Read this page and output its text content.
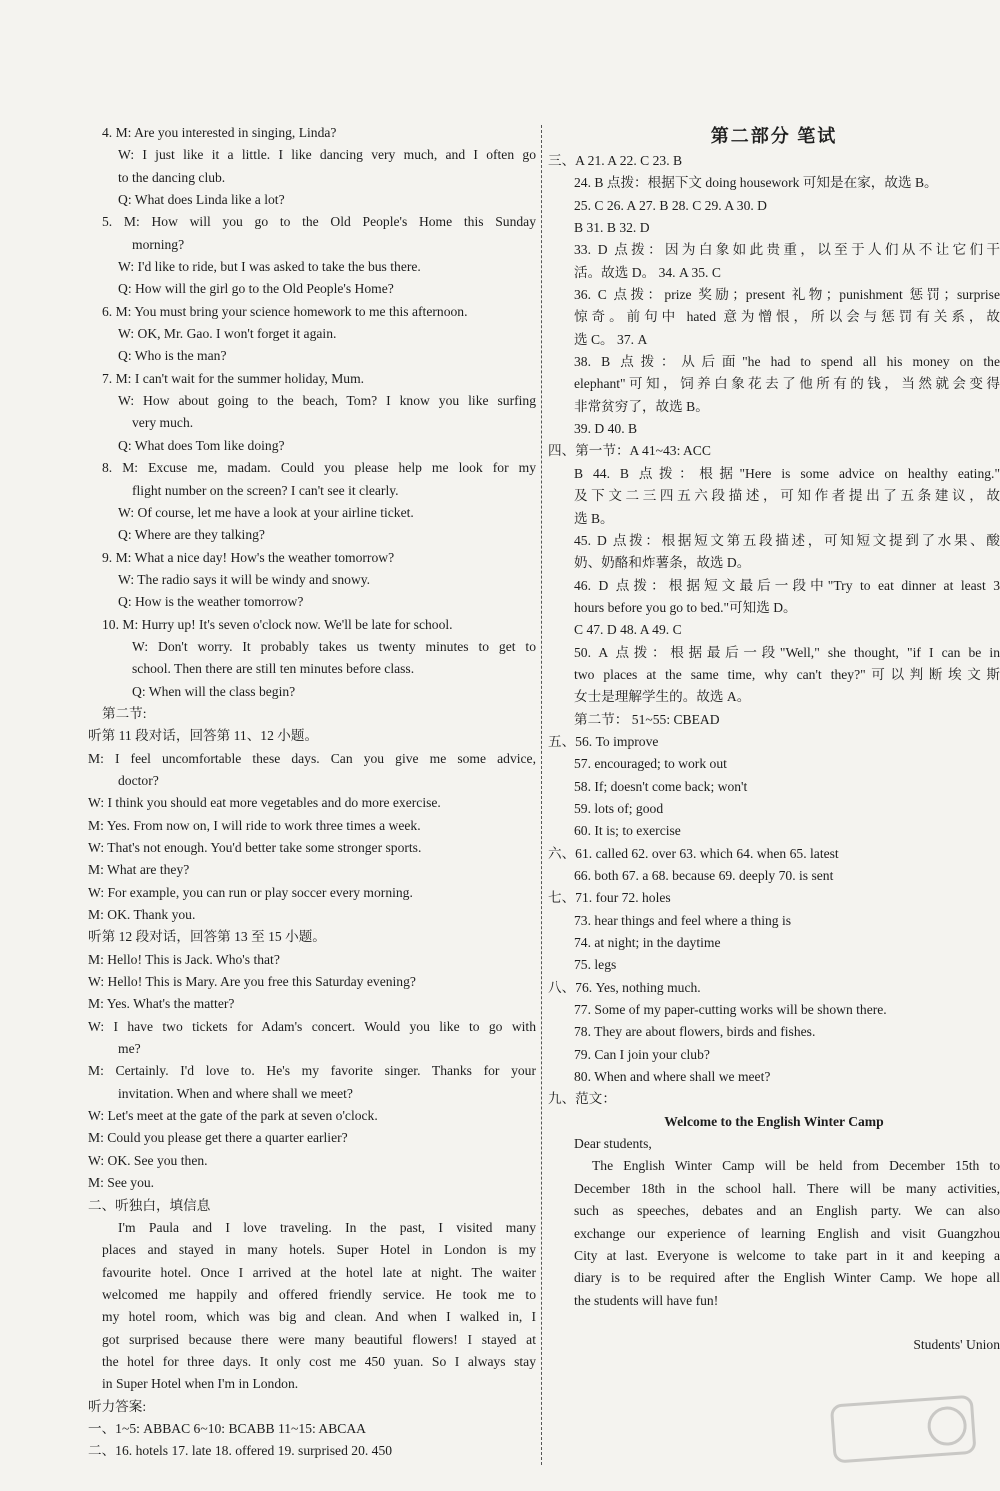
4. M: Are you interested in singing, Linda?
W: I just like it a little. I like dancing very much, and I often go
to the dancing club.
Q: What does Linda like a lot?
5. M: How will you go to the Old People's Home this Sunday
morning?
W: I'd like to ride, but I was asked to take the bus there.
Q: How will the girl go to the Old People's Home?
6. M: You must bring your science homework to me this afternoon.
W: OK, Mr. Gao. I won't forget it again.
Q: Who is the man?
7. M: I can't wait for the summer holiday, Mum.
W: How about going to the beach, Tom? I know you like surfing
very much.
Q: What does Tom like doing?
8. M: Excuse me, madam. Could you please help me look for my
flight number on the screen? I can't see it clearly.
W: Of course, let me have a look at your airline ticket.
Q: Where are they talking?
9. M: What a nice day! How's the weather tomorrow?
W: The radio says it will be windy and snowy.
Q: How is the weather tomorrow?
10. M: Hurry up! It's seven o'clock now. We'll be late for school.
W: Don't worry. It probably takes us twenty minutes to get to
school. Then there are still ten minutes before class.
Q: When will the class begin?
第二节:
听第 11 段对话，回答第 11、12 小题。
M: I feel uncomfortable these days. Can you give me some advice,
doctor?
W: I think you should eat more vegetables and do more exercise.
M: Yes. From now on, I will ride to work three times a week.
W: That's not enough. You'd better take some stronger sports.
M: What are they?
W: For example, you can run or play soccer every morning.
M: OK. Thank you.
听第 12 段对话，回答第 13 至 15 小题。
M: Hello! This is Jack. Who's that?
W: Hello! This is Mary. Are you free this Saturday evening?
M: Yes. What's the matter?
W: I have two tickets for Adam's concert. Would you like to go with
me?
M: Certainly. I'd love to. He's my favorite singer. Thanks for your
invitation. When and where shall we meet?
W: Let's meet at the gate of the park at seven o'clock.
M: Could you please get there a quarter earlier?
W: OK. See you then.
M: See you.
二、听独白，填信息
I'm Paula and I love traveling. In the past, I visited many
places and stayed in many hotels. Super Hotel in London is my
favourite hotel. Once I arrived at the hotel late at night. The waiter
welcomed me happily and offered friendly service. He took me to
my hotel room, which was big and clean. And when I walked in, I
got surprised because there were many beautiful flowers! I stayed at
the hotel for three days. It only cost me 450 yuan. So I always stay
in Super Hotel when I'm in London.
听力答案:
一、1~5: ABBAC 6~10: BCABB 11~15: ABCAA
二、16. hotels 17. late 18. offered 19. surprised 20. 450
第二部分 笔试
三、A 21. A 22. C 23. B
24. B 点拨：根据下文 doing housework 可知是在家，故选 B。
25. C 26. A 27. B 28. C 29. A 30. D
B 31. B 32. D
33. D 点拨：因为白象如此贵重，以至于人们从不让它们干
活。故选 D。 34. A 35. C
36. C 点拨：prize 奖励；present 礼物；punishment 惩罚；surprise
惊奇。前句中 hated 意为憎恨，所以会与惩罚有关系，故
选 C。 37. A
38. B 点拨：从后面"he had to spend all his money on the
elephant"可知，饲养白象花去了他所有的钱，当然就会变得
非常贫穷了，故选 B。
39. D 40. B
四、第一节：A 41~43: ACC
B 44. B 点拨：根据"Here is some advice on healthy eating."
及下文二三四五六段描述，可知作者提出了五条建议，故
选 B。
45. D 点拨：根据短文第五段描述，可知短文提到了水果、酸
奶、奶酪和炸薯条，故选 D。
46. D 点拨：根据短文最后一段中"Try to eat dinner at least 3
hours before you go to bed."可知选 D。
C 47. D 48. A 49. C
50. A 点拨：根据最后一段"Well," she thought, "if I can be in
two places at the same time, why can't they?"可以判断埃文斯
女士是理解学生的。故选 A。
第二节： 51~55: CBEAD
五、56. To improve
57. encouraged; to work out
58. If; doesn't come back; won't
59. lots of; good
60. It is; to exercise
六、61. called 62. over 63. which 64. when 65. latest
66. both 67. a 68. because 69. deeply 70. is sent
七、71. four 72. holes
73. hear things and feel where a thing is
74. at night; in the daytime
75. legs
八、76. Yes, nothing much.
77. Some of my paper-cutting works will be shown there.
78. They are about flowers, birds and fishes.
79. Can I join your club?
80. When and where shall we meet?
九、范文：
Welcome to the English Winter Camp
Dear students,
The English Winter Camp will be held from December 15th to
December 18th in the school hall. There will be many activities,
such as speeches, debates and an English party. We can also
exchange our experience of learning English and visit Guangzhou
City at last. Everyone is welcome to take part in it and keeping a
diary is to be required after the English Winter Camp. We hope all
the students will have fun!

Students' Union
